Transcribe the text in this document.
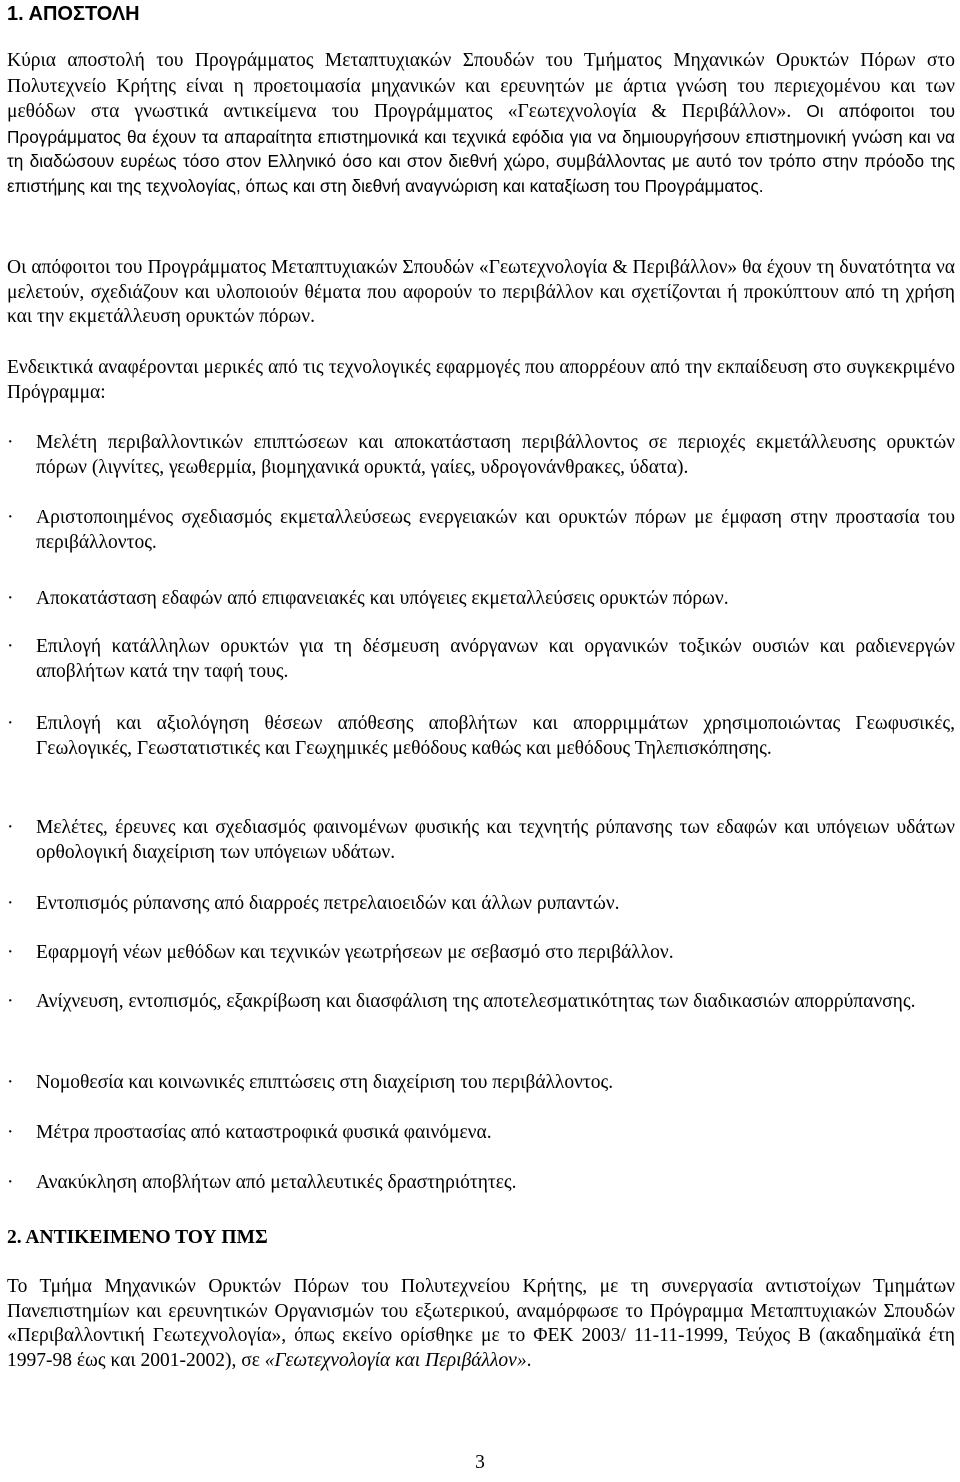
1. ΑΠΟΣΤΟΛΗ

Κύρια αποστολή του Προγράμματος Μεταπτυχιακών Σπουδών του Τμήματος Μηχανικών Ορυκτών Πόρων στο Πολυτεχνείο Κρήτης είναι η προετοιμασία μηχανικών και ερευνητών με άρτια γνώση του περιεχομένου και των μεθόδων στα γνωστικά αντικείμενα του Προγράμματος «Γεωτεχνολογία & Περιβάλλον». Οι απόφοιτοι του Προγράμματος θα έχουν τα απαραίτητα επιστημονικά και τεχνικά εφόδια για να δημιουργήσουν επιστημονική γνώση και να τη διαδώσουν ευρέως τόσο στον Ελληνικό όσο και στον διεθνή χώρο, συμβάλλοντας με αυτό τον τρόπο στην πρόοδο της επιστήμης και της τεχνολογίας, όπως και στη διεθνή αναγνώριση και καταξίωση του Προγράμματος.

Οι απόφοιτοι του Προγράμματος Μεταπτυχιακών Σπουδών «Γεωτεχνολογία & Περιβάλλον» θα έχουν τη δυνατότητα να μελετούν, σχεδιάζουν και υλοποιούν θέματα που αφορούν το περιβάλλον και σχετίζονται ή προκύπτουν από τη χρήση και την εκμετάλλευση ορυκτών πόρων.

Ενδεικτικά αναφέρονται μερικές από τις τεχνολογικές εφαρμογές που απορρέουν από την εκπαίδευση στο συγκεκριμένο Πρόγραμμα:

· Μελέτη περιβαλλοντικών επιπτώσεων και αποκατάσταση περιβάλλοντος σε περιοχές εκμετάλλευσης ορυκτών πόρων (λιγνίτες, γεωθερμία, βιομηχανικά ορυκτά, γαίες, υδρογονάνθρακες, ύδατα).
· Αριστοποιημένος σχεδιασμός εκμεταλλεύσεως ενεργειακών και ορυκτών πόρων με έμφαση στην προστασία του περιβάλλοντος.
· Αποκατάσταση εδαφών από επιφανειακές και υπόγειες εκμεταλλεύσεις ορυκτών πόρων.
· Επιλογή κατάλληλων ορυκτών για τη δέσμευση ανόργανων και οργανικών τοξικών ουσιών και ραδιενεργών αποβλήτων κατά την ταφή τους.
· Επιλογή και αξιολόγηση θέσεων απόθεσης αποβλήτων και απορριμμάτων χρησιμοποιώντας Γεωφυσικές, Γεωλογικές, Γεωστατιστικές και Γεωχημικές μεθόδους καθώς και μεθόδους Τηλεπισκόπησης.
· Μελέτες, έρευνες και σχεδιασμός φαινομένων φυσικής και τεχνητής ρύπανσης των εδαφών και υπόγειων υδάτων ορθολογική διαχείριση των υπόγειων υδάτων.
· Εντοπισμός ρύπανσης από διαρροές πετρελαιοειδών και άλλων ρυπαντών.
· Εφαρμογή νέων μεθόδων και τεχνικών γεωτρήσεων με σεβασμό στο περιβάλλον.
· Ανίχνευση, εντοπισμός, εξακρίβωση και διασφάλιση της αποτελεσματικότητας των διαδικασιών απορρύπανσης.
· Νομοθεσία και κοινωνικές επιπτώσεις στη διαχείριση του περιβάλλοντος.
· Μέτρα προστασίας από καταστροφικά φυσικά φαινόμενα.
· Ανακύκληση αποβλήτων από μεταλλευτικές δραστηριότητες.
2. ΑΝΤΙΚΕΙΜΕΝΟ ΤΟΥ ΠΜΣ

Το Τμήμα Μηχανικών Ορυκτών Πόρων του Πολυτεχνείου Κρήτης, με τη συνεργασία αντιστοίχων Τμημάτων Πανεπιστημίων και ερευνητικών Οργανισμών του εξωτερικού, αναμόρφωσε το Πρόγραμμα Μεταπτυχιακών Σπουδών «Περιβαλλοντική Γεωτεχνολογία», όπως εκείνο ορίσθηκε με το ΦΕΚ 2003/ 11-11-1999, Τεύχος Β (ακαδημαϊκά έτη 1997-98 έως και 2001-2002), σε «Γεωτεχνολογία και Περιβάλλον».

3
